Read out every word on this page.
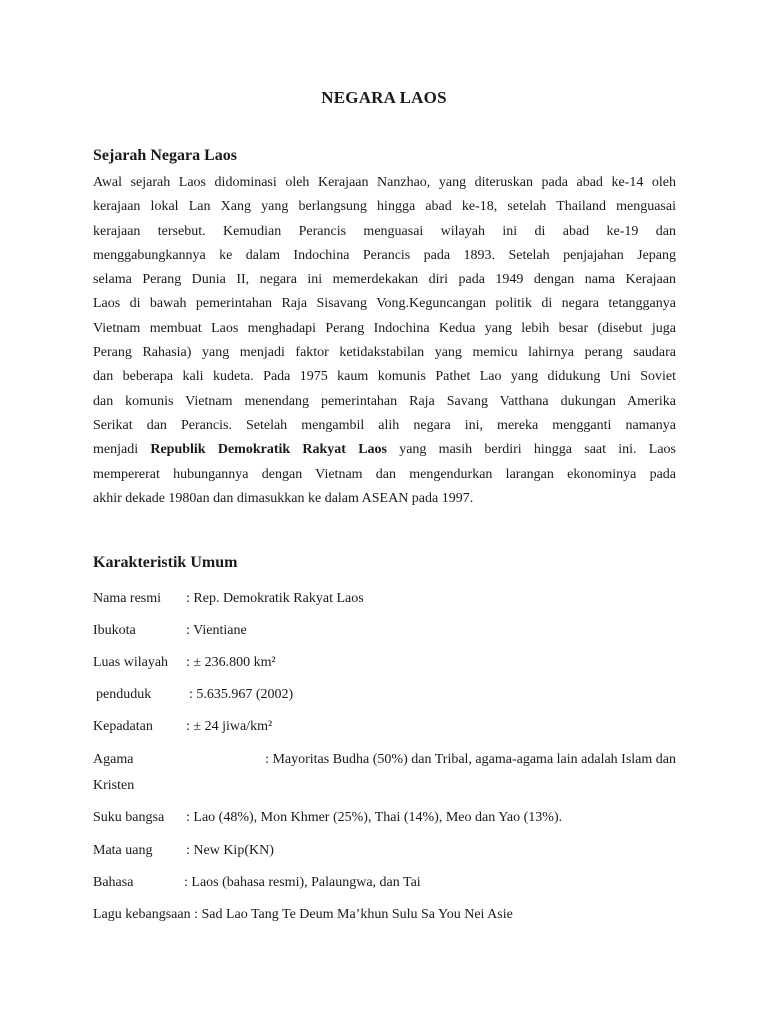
NEGARA LAOS
Sejarah Negara Laos
Awal sejarah Laos didominasi oleh Kerajaan Nanzhao, yang diteruskan pada abad ke-14 oleh
kerajaan lokal Lan Xang yang berlangsung hingga abad ke-18, setelah Thailand menguasai
kerajaan tersebut. Kemudian Perancis menguasai wilayah ini di abad ke-19 dan
menggabungkannya ke dalam Indochina Perancis pada 1893. Setelah penjajahan Jepang
selama Perang Dunia II, negara ini memerdekakan diri pada 1949 dengan nama Kerajaan
Laos di bawah pemerintahan Raja Sisavang Vong.Keguncangan politik di negara tetangganya
Vietnam membuat Laos menghadapi Perang Indochina Kedua yang lebih besar (disebut juga
Perang Rahasia) yang menjadi faktor ketidakstabilan yang memicu lahirnya perang saudara
dan beberapa kali kudeta. Pada 1975 kaum komunis Pathet Lao yang didukung Uni Soviet
dan komunis Vietnam menendang pemerintahan Raja Savang Vatthana dukungan Amerika
Serikat dan Perancis. Setelah mengambil alih negara ini, mereka mengganti namanya
menjadi Republik Demokratik Rakyat Laos yang masih berdiri hingga saat ini. Laos
mempererat hubungannya dengan Vietnam dan mengendurkan larangan ekonominya pada
akhir dekade 1980an dan dimasukkan ke dalam ASEAN pada 1997.
Karakteristik Umum
Nama resmi : Rep. Demokratik Rakyat Laos
Ibukota	: Vientiane
Luas wilayah : ± 236.800 km²
penduduk	: 5.635.967 (2002)
Kepadatan : ± 24 jiwa/km²
Agama	: Mayoritas Budha (50%) dan Tribal, agama-agama lain adalah Islam dan
Kristen
Suku bangsa : Lao (48%), Mon Khmer (25%), Thai (14%), Meo dan Yao (13%).
Mata uang : New Kip(KN)
Bahasa	: Laos (bahasa resmi), Palaungwa, dan Tai
Lagu kebangsaan : Sad Lao Tang Te Deum Ma’khun Sulu Sa You Nei Asie
